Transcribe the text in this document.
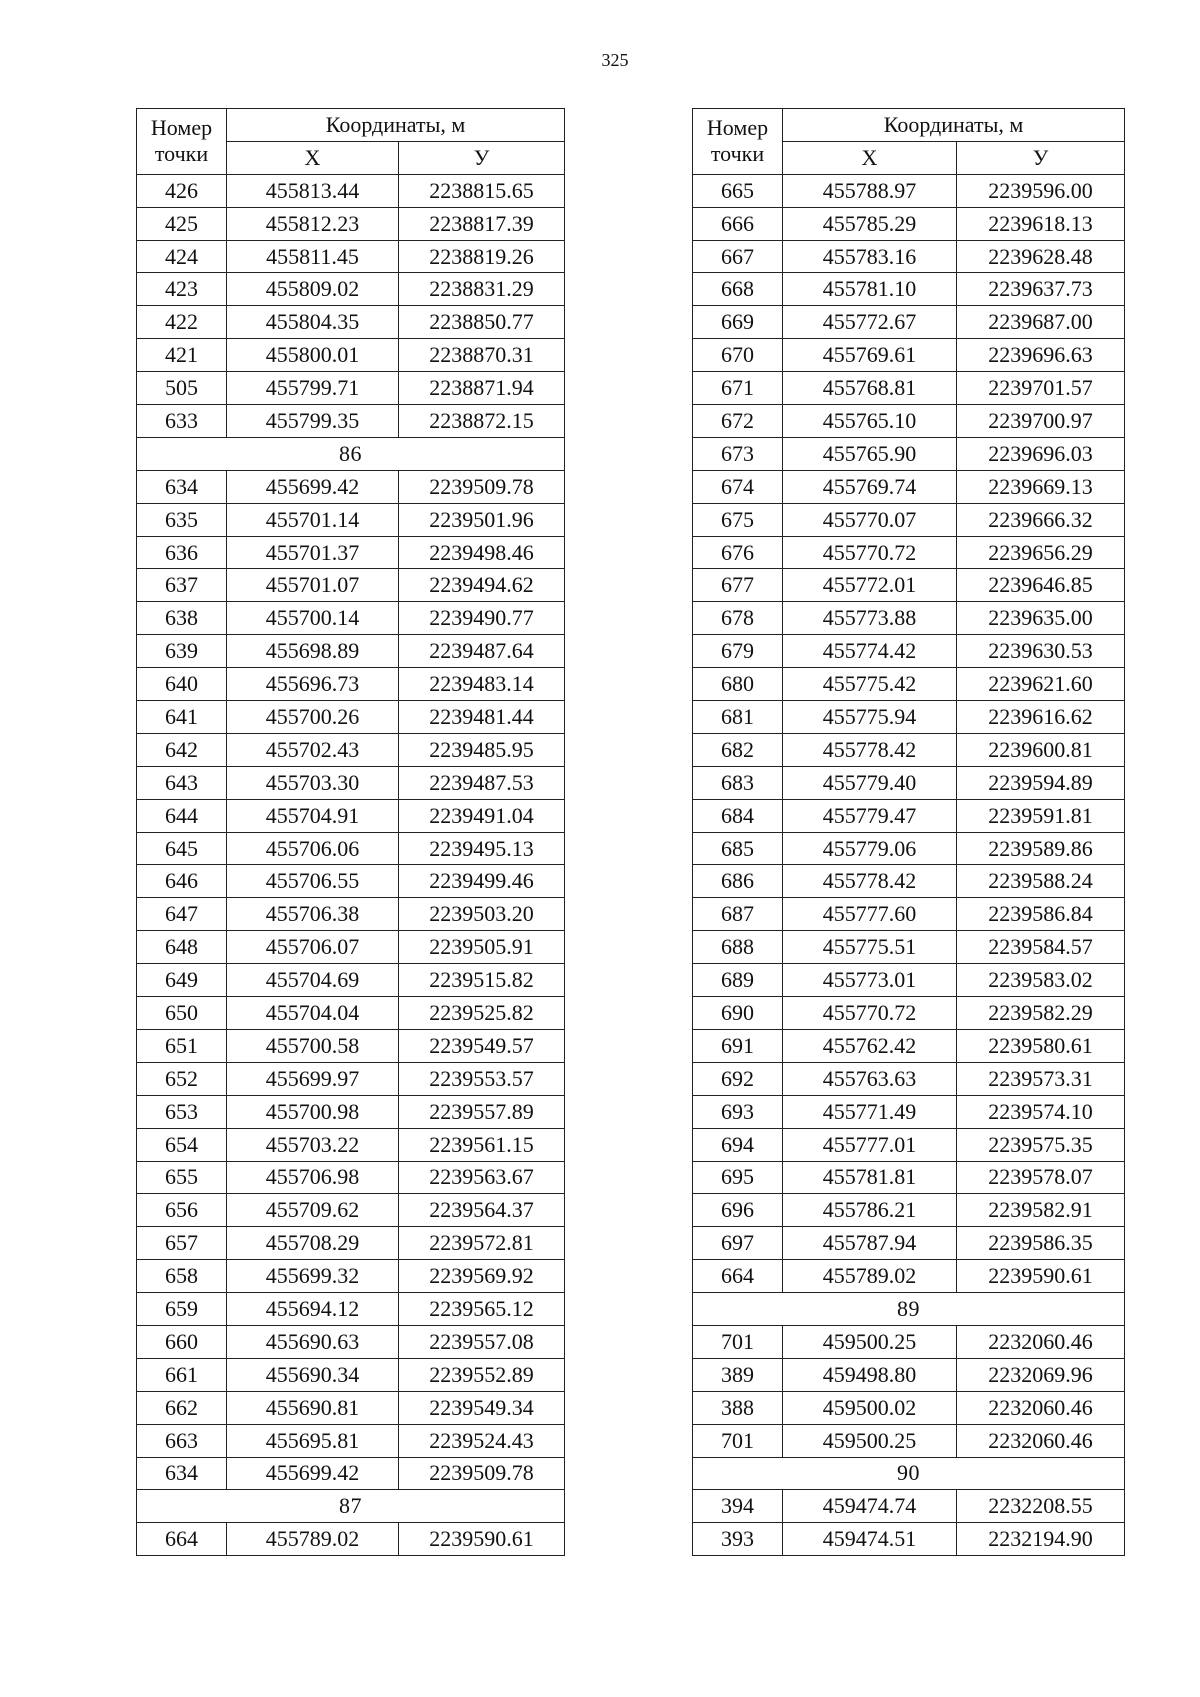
325
Номер точки	Координаты, м	
	X	У
426	455813.44	2238815.65
425	455812.23	2238817.39
424	455811.45	2238819.26
423	455809.02	2238831.29
422	455804.35	2238850.77
421	455800.01	2238870.31
505	455799.71	2238871.94
633	455799.35	2238872.15
86		
634	455699.42	2239509.78
635	455701.14	2239501.96
636	455701.37	2239498.46
637	455701.07	2239494.62
638	455700.14	2239490.77
639	455698.89	2239487.64
640	455696.73	2239483.14
641	455700.26	2239481.44
642	455702.43	2239485.95
643	455703.30	2239487.53
644	455704.91	2239491.04
645	455706.06	2239495.13
646	455706.55	2239499.46
647	455706.38	2239503.20
648	455706.07	2239505.91
649	455704.69	2239515.82
650	455704.04	2239525.82
651	455700.58	2239549.57
652	455699.97	2239553.57
653	455700.98	2239557.89
654	455703.22	2239561.15
655	455706.98	2239563.67
656	455709.62	2239564.37
657	455708.29	2239572.81
658	455699.32	2239569.92
659	455694.12	2239565.12
660	455690.63	2239557.08
661	455690.34	2239552.89
662	455690.81	2239549.34
663	455695.81	2239524.43
634	455699.42	2239509.78
87		
664	455789.02	2239590.61
Номер точки	Координаты, м	
	X	У
665	455788.97	2239596.00
666	455785.29	2239618.13
667	455783.16	2239628.48
668	455781.10	2239637.73
669	455772.67	2239687.00
670	455769.61	2239696.63
671	455768.81	2239701.57
672	455765.10	2239700.97
673	455765.90	2239696.03
674	455769.74	2239669.13
675	455770.07	2239666.32
676	455770.72	2239656.29
677	455772.01	2239646.85
678	455773.88	2239635.00
679	455774.42	2239630.53
680	455775.42	2239621.60
681	455775.94	2239616.62
682	455778.42	2239600.81
683	455779.40	2239594.89
684	455779.47	2239591.81
685	455779.06	2239589.86
686	455778.42	2239588.24
687	455777.60	2239586.84
688	455775.51	2239584.57
689	455773.01	2239583.02
690	455770.72	2239582.29
691	455762.42	2239580.61
692	455763.63	2239573.31
693	455771.49	2239574.10
694	455777.01	2239575.35
695	455781.81	2239578.07
696	455786.21	2239582.91
697	455787.94	2239586.35
664	455789.02	2239590.61
89		
701	459500.25	2232060.46
389	459498.80	2232069.96
388	459500.02	2232060.46
701	459500.25	2232060.46
90		
394	459474.74	2232208.55
393	459474.51	2232194.90
